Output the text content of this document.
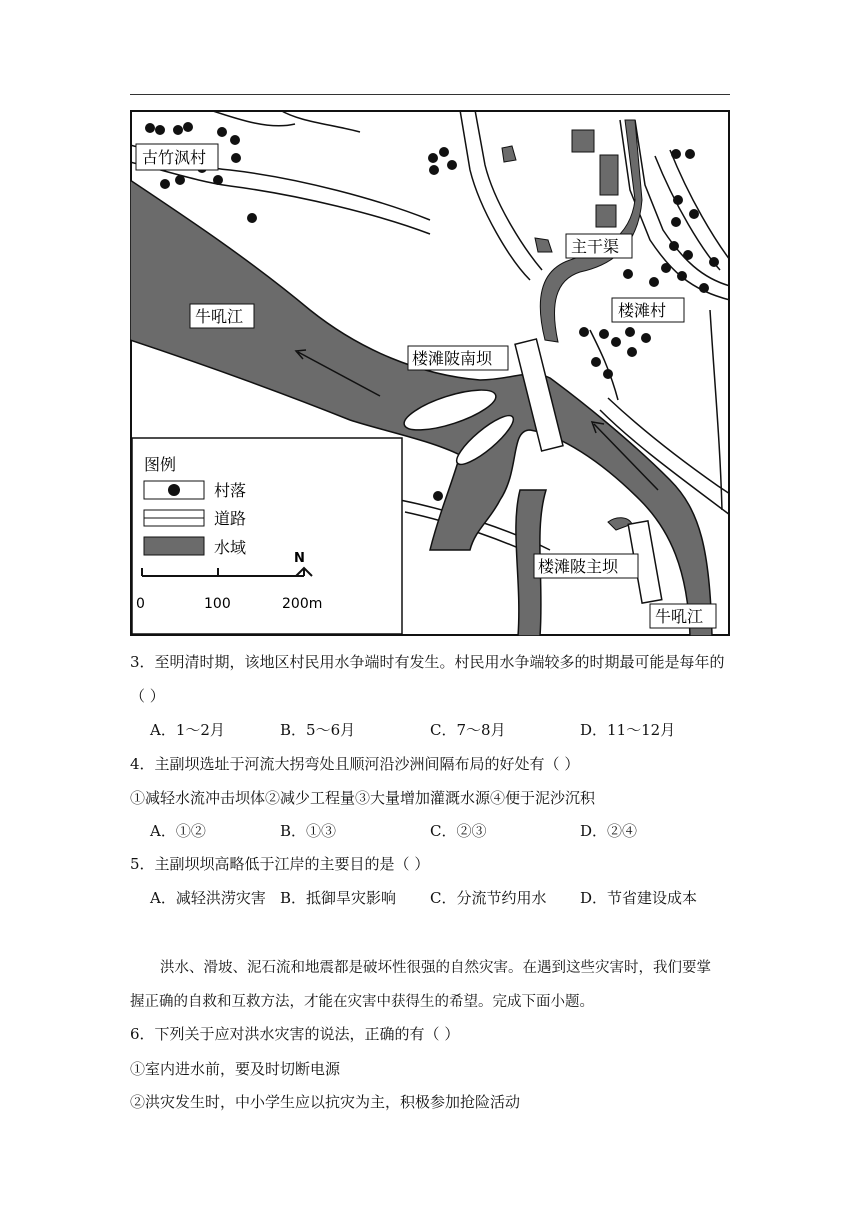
古竹沨村
牛吼江
主干渠
楼滩村
楼滩陂南坝
楼滩陂主坝
牛吼江
图例
村落
道路
水域
N
0	100	200m
3．至明清时期，该地区村民用水争端时有发生。村民用水争端较多的时期最可能是每年的
（ ）
A．1～2月	B．5～6月	C．7～8月	D．11～12月
4．主副坝选址于河流大拐弯处且顺河沿沙洲间隔布局的好处有（ ）
①减轻水流冲击坝体②减少工程量③大量增加灌溉水源④便于泥沙沉积
A．①②	B．①③	C．②③	D．②④
5．主副坝坝高略低于江岸的主要目的是（ ）
A．减轻洪涝灾害 B．抵御旱灾影响 C．分流节约用水 D．节省建设成本
洪水、滑坡、泥石流和地震都是破坏性很强的自然灾害。在遇到这些灾害时，我们要掌
握正确的自救和互救方法，才能在灾害中获得生的希望。完成下面小题。
6．下列关于应对洪水灾害的说法，正确的有（ ）
①室内进水前，要及时切断电源
②洪灾发生时，中小学生应以抗灾为主，积极参加抢险活动
